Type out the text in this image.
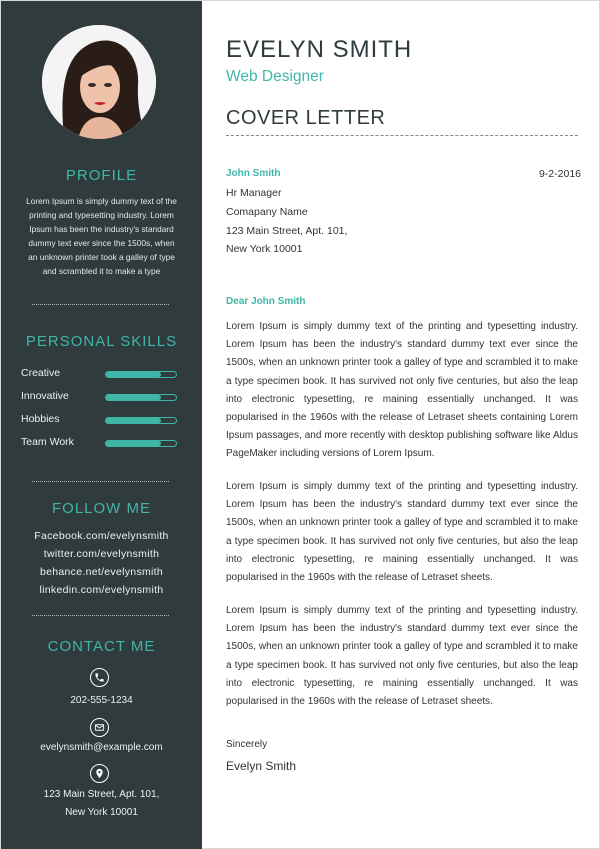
PROFILE
Lorem Ipsum is simply dummy text of the
printing and typesetting industry. Lorem
Ipsum has been the industry's standard
dummy text ever since the 1500s, when
an unknown printer took a galley of type
and scrambled it to make a type
PERSONAL SKILLS
Creative
Innovative
Hobbies
Team Work
FOLLOW ME
Facebook.com/evelynsmith
twitter.com/evelynsmith
behance.net/evelynsmith
linkedin.com/evelynsmith
CONTACT ME
202-555-1234
evelynsmith@example.com
123 Main Street, Apt. 101,
New York 10001
EVELYN SMITH
Web Designer
COVER LETTER
John Smith	9-2-2016
Hr Manager
Comapany Name
123 Main Street, Apt. 101,
New York 10001
Dear John Smith
Lorem Ipsum is simply dummy text of the printing and typesetting industry. Lorem Ipsum has been the industry's standard dummy text ever since the 1500s, when an unknown printer took a galley of type and scrambled it to make a type specimen book. It has survived not only five centuries, but also the leap into electronic typesetting, re maining essentially unchanged. It was popularised in the 1960s with the release of Letraset sheets containing Lorem Ipsum passages, and more recently with desktop publishing software like Aldus PageMaker including versions of Lorem Ipsum.
Lorem Ipsum is simply dummy text of the printing and typesetting industry. Lorem Ipsum has been the industry's standard dummy text ever since the 1500s, when an unknown printer took a galley of type and scrambled it to make a type specimen book. It has survived not only five centuries, but also the leap into electronic typesetting, re maining essentially unchanged. It was popularised in the 1960s with the release of Letraset sheets.
Lorem Ipsum is simply dummy text of the printing and typesetting industry. Lorem Ipsum has been the industry's standard dummy text ever since the 1500s, when an unknown printer took a galley of type and scrambled it to make a type specimen book. It has survived not only five centuries, but also the leap into electronic typesetting, re maining essentially unchanged. It was popularised in the 1960s with the release of Letraset sheets.
Sincerely
Evelyn Smith
